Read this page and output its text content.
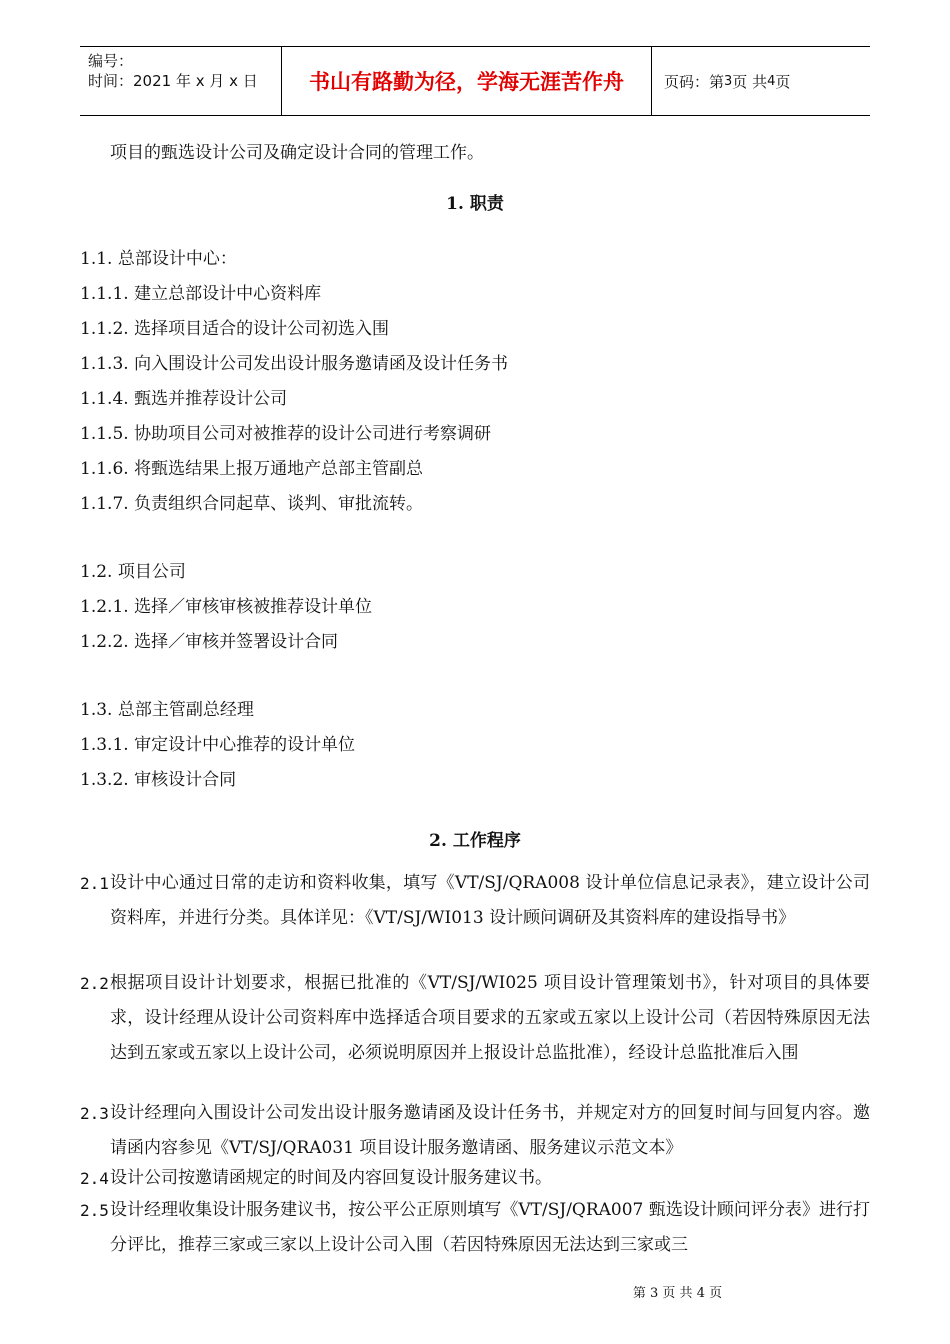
编号：
时间：2021 年 x 月 x 日	书山有路勤为径，学海无涯苦作舟	页码：第 3 页 共 4 页
项目的甄选设计公司及确定设计合同的管理工作。
1. 职责
1.1. 总部设计中心：
1.1.1. 建立总部设计中心资料库
1.1.2. 选择项目适合的设计公司初选入围
1.1.3. 向入围设计公司发出设计服务邀请函及设计任务书
1.1.4. 甄选并推荐设计公司
1.1.5. 协助项目公司对被推荐的设计公司进行考察调研
1.1.6. 将甄选结果上报万通地产总部主管副总
1.1.7. 负责组织合同起草、谈判、审批流转。
1.2. 项目公司
1.2.1. 选择／审核审核被推荐设计单位
1.2.2. 选择／审核并签署设计合同
1.3. 总部主管副总经理
1.3.1. 审定设计中心推荐的设计单位
1.3.2. 审核设计合同
2. 工作程序
2.1 设计中心通过日常的走访和资料收集，填写《VT/SJ/QRA008 设计单位信息记录表》，建立设计公司资料库，并进行分类。具体详见：《VT/SJ/WI013 设计顾问调研及其资料库的建设指导书》
2.2 根据项目设计计划要求，根据已批准的《VT/SJ/WI025 项目设计管理策划书》，针对项目的具体要求，设计经理从设计公司资料库中选择适合项目要求的五家或五家以上设计公司（若因特殊原因无法达到五家或五家以上设计公司，必须说明原因并上报设计总监批准），经设计总监批准后入围
2.3 设计经理向入围设计公司发出设计服务邀请函及设计任务书，并规定对方的回复时间与回复内容。邀请函内容参见《VT/SJ/QRA031 项目设计服务邀请函、服务建议示范文本》
2.4 设计公司按邀请函规定的时间及内容回复设计服务建议书。
2.5 设计经理收集设计服务建议书，按公平公正原则填写《VT/SJ/QRA007 甄选设计顾问评分表》进行打分评比，推荐三家或三家以上设计公司入围（若因特殊原因无法达到三家或三
第 3 页 共 4 页
